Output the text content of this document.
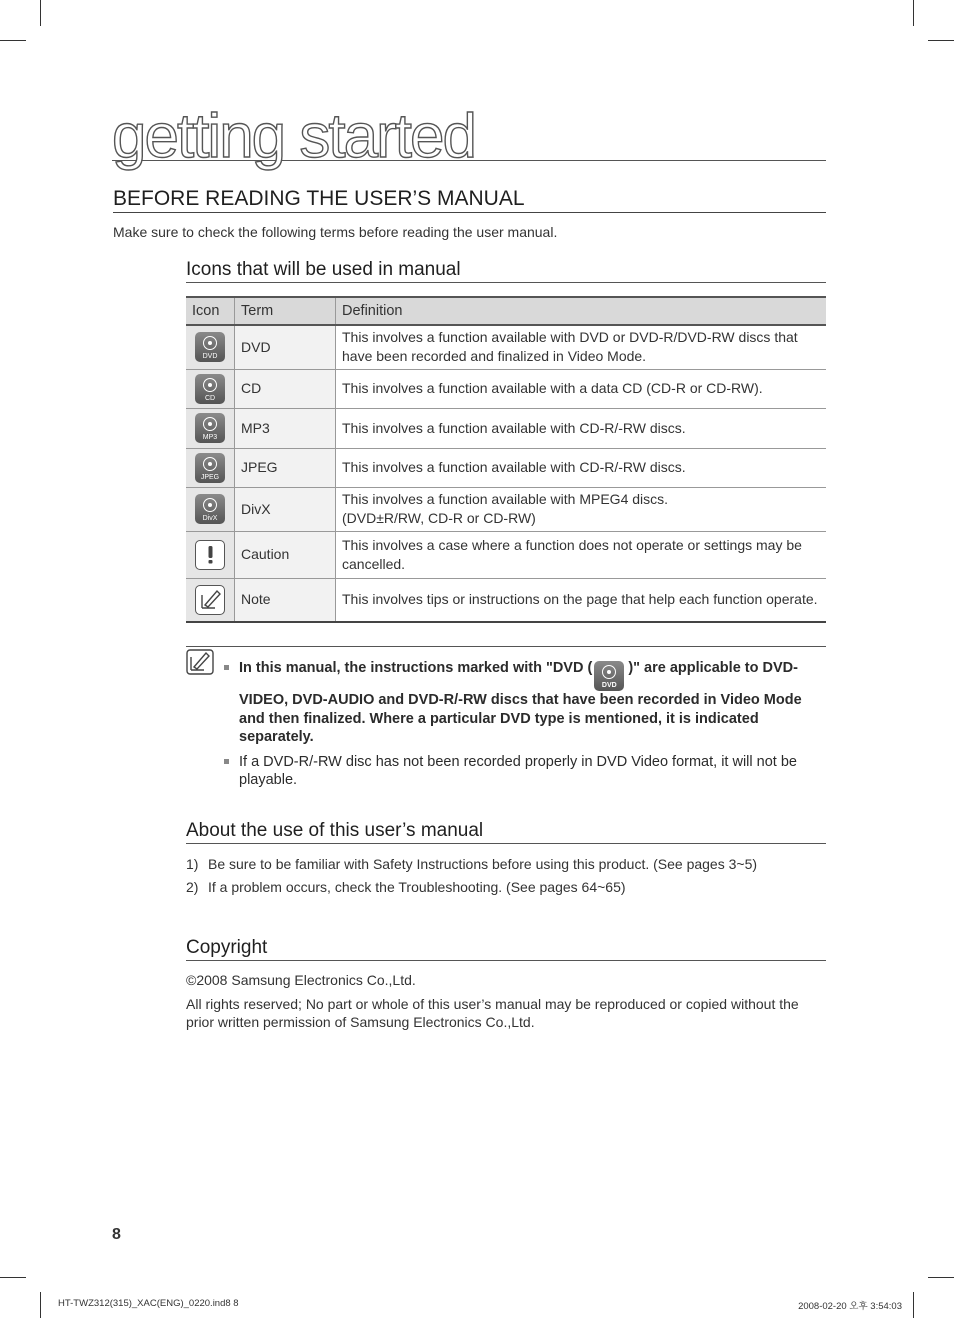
getting started
BEFORE READING THE USER’S MANUAL
Make sure to check the following terms before reading the user manual.
Icons that will be used in manual
Icon	Term	Definition

DVD	DVD	This involves a function available with DVD or DVD-R/DVD-RW discs that have been recorded and finalized in Video Mode.

CD	CD	This involves a function available with a data CD (CD-R or CD-RW).

MP3	MP3	This involves a function available with CD-R/-RW discs.

JPEG	JPEG	This involves a function available with CD-R/-RW discs.

DivX	DivX	This involves a function available with MPEG4 discs.
(DVD±R/RW, CD-R or CD-RW)
	Caution	This involves a case where a function does not operate or settings may be cancelled.
	Note	This involves tips or instructions on the page that help each function operate.
In this manual, the instructions marked with "DVD (
DVD
)" are applicable to DVD-VIDEO, DVD-AUDIO and DVD-R/-RW discs that have been recorded in Video Mode and then finalized. Where a particular DVD type is mentioned, it is indicated separately.
If a DVD-R/-RW disc has not been recorded properly in DVD Video format, it will not be playable.
About the use of this user’s manual
1) Be sure to be familiar with Safety Instructions before using this product. (See pages 3~5)
2) If a problem occurs, check the Troubleshooting. (See pages 64~65)
Copyright

©2008 Samsung Electronics Co.,Ltd.

All rights reserved; No part or whole of this user’s manual may be reproduced or copied without the prior written permission of Samsung Electronics Co.,Ltd.

8
HT-TWZ312(315)_XAC(ENG)_0220.ind8 8	2008-02-20 오후 3:54:03
